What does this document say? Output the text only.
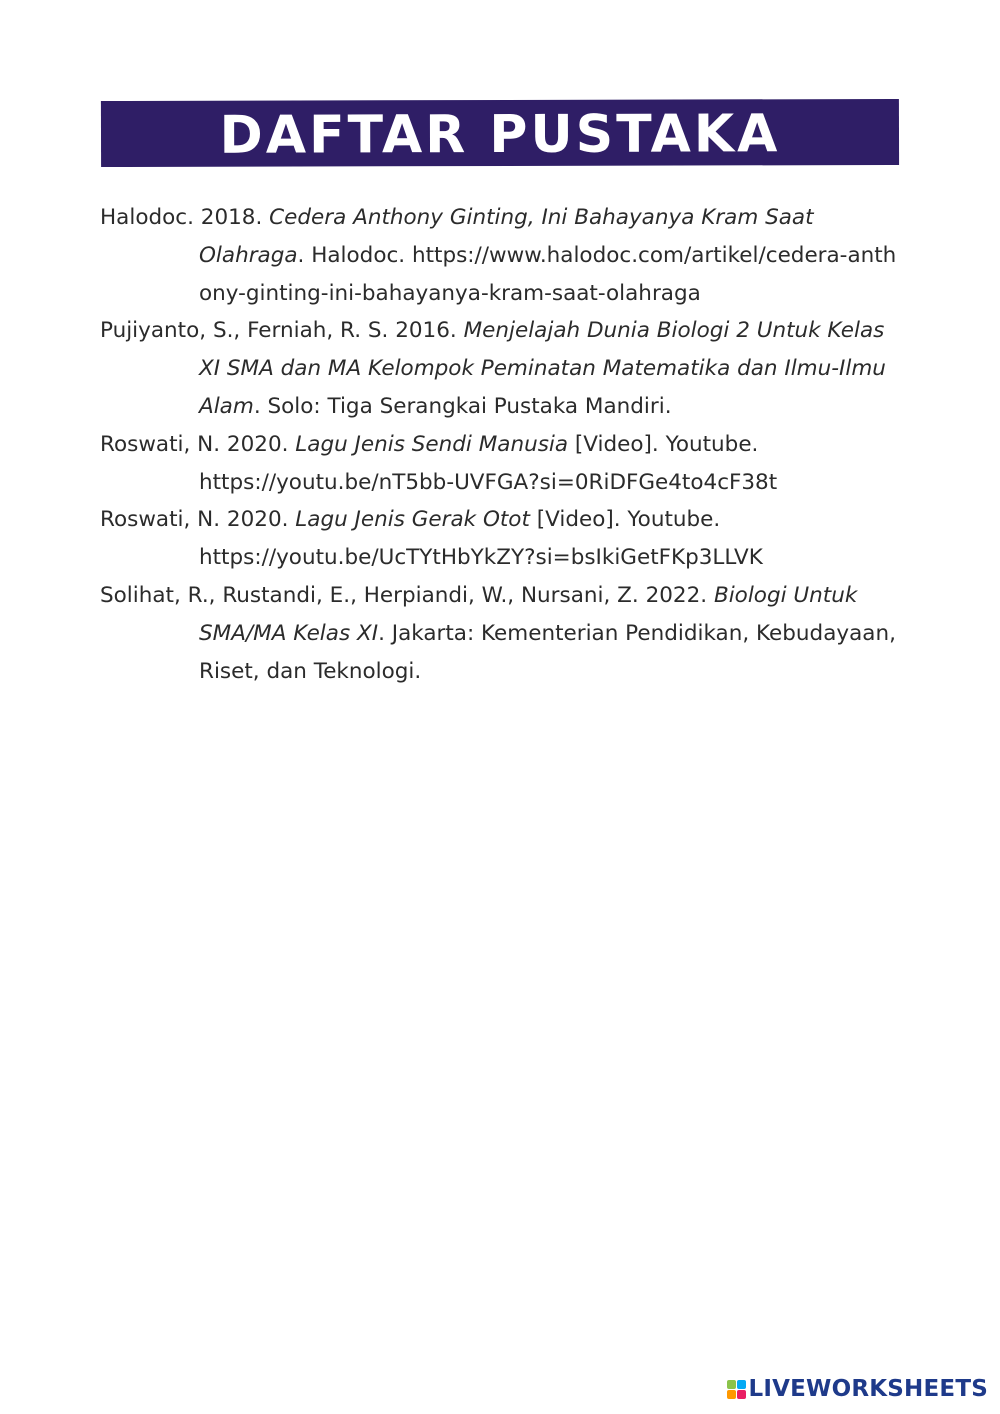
DAFTAR PUSTAKA
Halodoc. 2018. Cedera Anthony Ginting, Ini Bahayanya Kram Saat Olahraga. Halodoc. https://www.halodoc.com/artikel/cedera-anthony-ginting-ini-bahayanya-kram-saat-olahraga
Pujiyanto, S., Ferniah, R. S. 2016. Menjelajah Dunia Biologi 2 Untuk Kelas XI SMA dan MA Kelompok Peminatan Matematika dan Ilmu-Ilmu Alam. Solo: Tiga Serangkai Pustaka Mandiri.
Roswati, N. 2020. Lagu Jenis Sendi Manusia [Video]. Youtube. https://youtu.be/nT5bb-UVFGA?si=0RiDFGe4to4cF38t
Roswati, N. 2020. Lagu Jenis Gerak Otot [Video]. Youtube. https://youtu.be/UcTYtHbYkZY?si=bsIkiGetFKp3LLVK
Solihat, R., Rustandi, E., Herpiandi, W., Nursani, Z. 2022. Biologi Untuk SMA/MA Kelas XI. Jakarta: Kementerian Pendidikan, Kebudayaan, Riset, dan Teknologi.
LIVEWORKSHEETS
